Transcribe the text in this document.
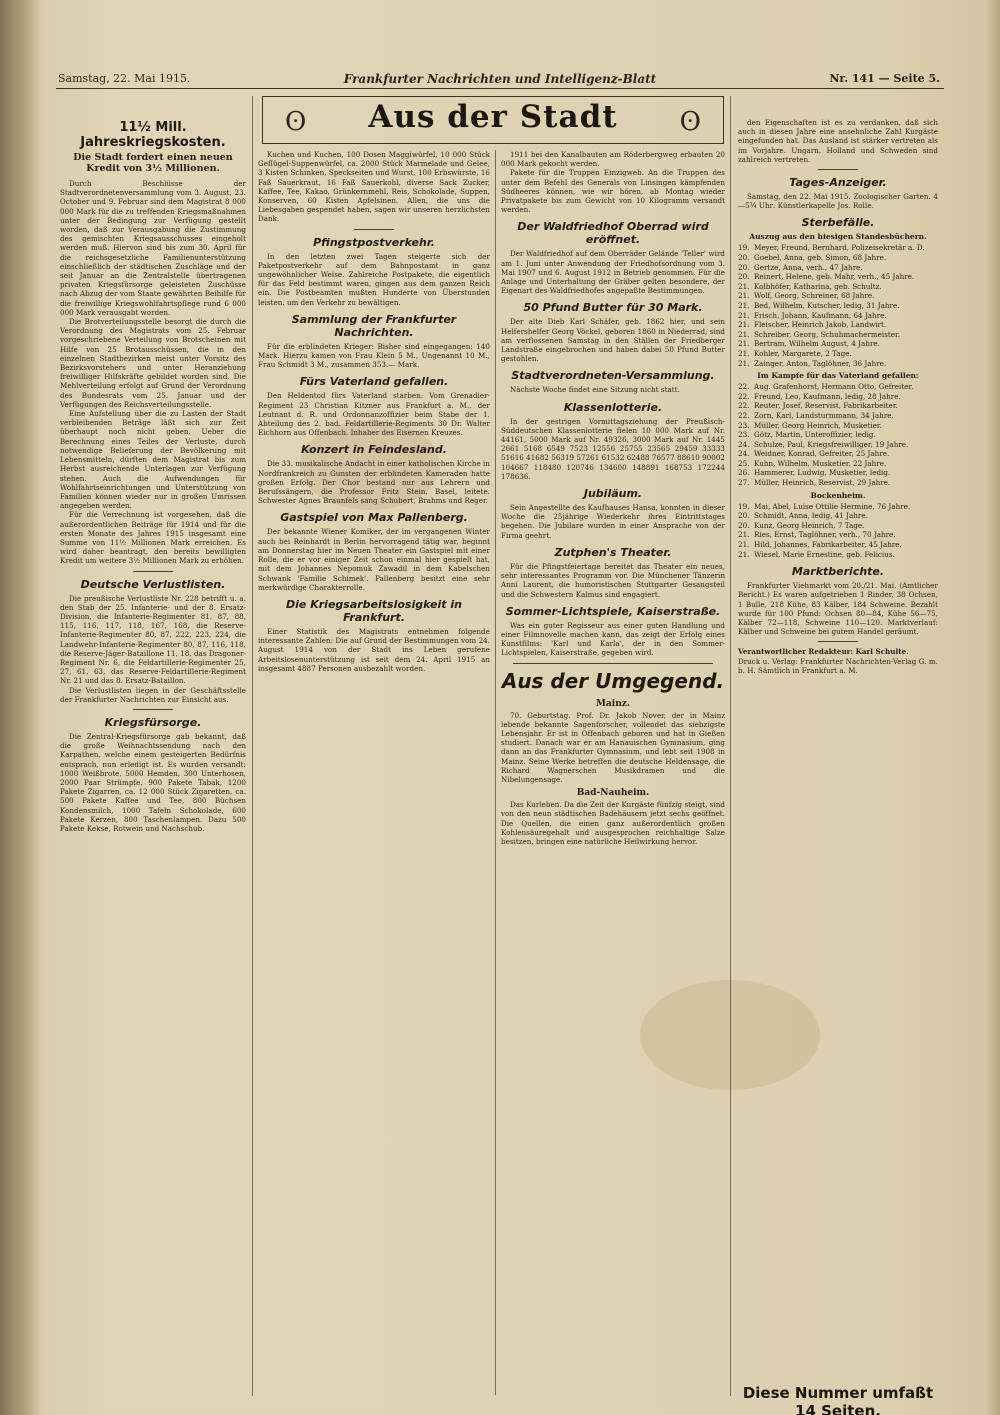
Samstag, 22. Mai 1915.	Frankfurter Nachrichten und Intelligenz-Blatt	Nr. 141 — Seite 5.
11½ Mill. Jahreskriegskosten.
Die Stadt fordert einen neuen Kredit von 3½ Millionen.

Durch Beschlüsse der Stadtverordnetenversammlung vom 3. August, 23. October und 9. Februar sind dem Magistrat 8 000 000 Mark für die zu treffenden Kriegsmaßnahmen unter der Bedingung zur Verfügung gestellt worden, daß zur Verausgabung die Zustimmung des gemischten Kriegsausschusses eingeholt werden muß. Hiervon sind bis zum 30. April für die reichsgesetzliche Familienunterstützung einschließlich der städtischen Zuschläge und der seit Januar an die Zentralstelle übertragenen privaten Kriegsfürsorge geleisteten Zuschüsse nach Abzug der vom Staate gewährten Beihilfe für die freiwillige Kriegswohlfahrtspflege rund 6 000 000 Mark verausgabt worden.

Die Brotverteilungsstelle besorgt die durch die Verordnung des Magistrats vom 25. Februar vorgeschriebene Verteilung von Brotscheinen mit Hilfe von 25 Brotausschüssen, die in den einzelnen Stadtbezirken meist unter Vorsitz des Bezirksvorstehers und unter Heranziehung freiwilliger Hilfskräfte gebildet worden sind. Die Mehlverteilung erfolgt auf Grund der Verordnung des Bundesrats vom 25. Januar und der Verfügungen des Reichsverteilungsstelle.

Eine Aufstellung über die zu Lasten der Stadt verbleibenden Beträge läßt sich zur Zeit überhaupt noch nicht geben. Ueber die Berechnung eines Teiles der Verluste, durch notwendige Belieferung der Bevölkerung mit Lebensmitteln, dürften dem Magistrat bis zum Herbst ausreichende Unterlagen zur Verfügung stehen. Auch die Aufwendungen für Wohlfahrtseinrichtungen und Unterstützung von Familien können wieder nur in großen Umrissen angegeben werden.

Für die Verrechnung ist vorgesehen, daß die außerordentlichen Beiträge für 1914 und für die ersten Monate des Jahres 1915 insgesamt eine Summe von 11½ Millionen Mark erreichen. Es wird daher beantragt, den bereits bewilligten Kredit um weitere 3½ Millionen Mark zu erhöhen.

Deutsche Verlustlisten.

Die preußische Verlustliste Nr. 228 betrifft u. a. den Stab der 25. Infanterie- und der 8. Ersatz-Division, die Infanterie-Regimenter 81, 87, 88, 115, 116, 117, 118, 167, 168, die Reserve-Infanterie-Regimenter 80, 87, 222, 223, 224, die Landwehr-Infanterie-Regimenter 80, 87, 116, 118, die Reserve-Jäger-Bataillone 11, 18, das Dragoner-Regiment Nr. 6, die Feldartillerie-Regimenter 25, 27, 61, 63, das Reserve-Feldartillerie-Regiment Nr. 21 und das 8. Ersatz-Bataillon.

Die Verlustlisten liegen in der Geschäftsstelle der Frankfurter Nachrichten zur Einsicht aus.

Kriegsfürsorge.

Die Zentral-Kriegsfürsorge gab bekannt, daß die große Weihnachtssendung nach den Karpathen, welche einem gesteigerten Bedürfnis entsprach, nun erledigt ist. Es wurden versandt: 1000 Weißbrote, 5000 Hemden, 300 Unterhosen, 2000 Paar Strümpfe, 900 Pakete Tabak, 1200 Pakete Zigarren, ca. 12 000 Stück Zigaretten, ca. 500 Pakete Kaffee und Tee, 800 Büchsen Kondensmilch, 1000 Tafeln Schokolade, 600 Pakete Kerzen, 800 Taschenlampen. Dazu 500 Pakete Kekse, Rotwein und Nachschub.

ʘ	Aus der Stadt	ʘ

Kuchen und Kuchen, 100 Dosen Maggiwürfel, 10 000 Stück Geflügel-Suppenwürfel, ca. 2000 Stück Marmelade und Gelee, 3 Kisten Schinken, Speckseiten und Wurst, 100 Erbswürste, 16 Faß Sauerkraut, 16 Faß Sauerkohl, diverse Sack Zucker, Kaffee, Tee, Kakao, Grünkernmehl, Reis, Schokolade, Suppen, Konserven, 60 Kisten Apfelsinen. Allen, die uns die Liebesgaben gespendet haben, sagen wir unseren herzlichsten Dank.

Pfingstpostverkehr.

In den letzten zwei Tagen steigerte sich der Paketpostverkehr auf dem Bahnpostamt in ganz ungewöhnlicher Weise. Zahlreiche Postpakete, die eigentlich für das Feld bestimmt waren, gingen aus dem ganzen Reich ein. Die Postbeamten mußten Hunderte von Überstunden leisten, um den Verkehr zu bewältigen.

Sammlung der Frankfurter Nachrichten.

Für die erblindeten Krieger: Bisher sind eingegangen: 140 Mark. Hierzu kamen von Frau Klein 5 M., Ungenannt 10 M., Frau Schmidt 3 M., zusammen 353.— Mark.

Fürs Vaterland gefallen.

Den Heldentod fürs Vaterland starben: Vom Grenadier-Regiment 23 Christian Kitzner aus Frankfurt a. M., der Leutnant d. R. und Ordonnanzoffizier beim Stabe der 1. Abteilung des 2. bad. Feldartillerie-Regiments 30 Dr. Walter Eichhorn aus Offenbach. Inhaber des Eisernen Kreuzes.

Konzert in Feindesland.

Die 33. musikalische Andacht in einer katholischen Kirche in Nordfrankreich zu Gunsten der erblindeten Kameraden hatte großen Erfolg. Der Chor bestand nur aus Lehrern und Berufssängern, die Professor Fritz Stein, Basel, leitete. Schwester Agnes Braunfels sang Schubert, Brahms und Reger.

Gastspiel von Max Pallenberg.

Der bekannte Wiener Komiker, der im vergangenen Winter auch bei Reinhardt in Berlin hervorragend tätig war, beginnt am Donnerstag hier im Neuen Theater ein Gastspiel mit einer Rolle, die er vor einiger Zeit schon einmal hier gespielt hat, mit dem Johannes Nepomuk Zawadil in dem Kabelschen Schwank 'Familie Schimek'. Pallenberg besitzt eine sehr merkwürdige Charakterrolle.

Die Kriegsarbeitslosigkeit in Frankfurt.

Einer Statistik des Magistrats entnehmen folgende interessante Zahlen: Die auf Grund der Bestimmungen vom 24. August 1914 von der Stadt ins Leben gerufene Arbeitslosenunterstützung ist seit dem 24. April 1915 an insgesamt 4887 Personen ausbezahlt worden.

1911 bei den Kanalbauten am Röderbergweg erbauten 20 000 Mark gekocht werden.

Pakete für die Truppen Einzigweb. An die Truppen des unter dem Befehl des Generals von Linsingen kämpfenden Südheeres können, wie wir hören, ab Montag wieder Privatpakete bis zum Gewicht von 10 Kilogramm versandt werden.

Der Waldfriedhof Oberrad wird eröffnet.

Der Waldfriedhof auf dem Oberräder Gelände 'Teller' wird am 1. Juni unter Anwendung der Friedhofsordnung vom 3. Mai 1907 und 6. August 1912 in Betrieb genommen. Für die Anlage und Unterhaltung der Gräber gelten besondere, der Eigenart des Waldfriedhofes angepaßte Bestimmungen.

50 Pfund Butter für 30 Mark.

Der alte Dieb Karl Schäfer, geb. 1862 hier, und sein Helfershelfer Georg Vöckel, geboren 1860 in Niederrad, sind am verflossenen Samstag in den Ställen der Friedberger Landstraße eingebrochen und haben dabei 50 Pfund Butter gestohlen.

Stadtverordneten-Versammlung.

Nächste Woche findet eine Sitzung nicht statt.

Klassenlotterie.

In der gestrigen Vormittagsziehung der Preußisch-Süddeutschen Klassenlotterie fielen 10 000 Mark auf Nr. 44161, 5000 Mark auf Nr. 49326, 3000 Mark auf Nr. 1445 2661 5168 6549 7523 12556 25755 23565 29459 33333 51616 41682 56319 57261 61532 62488 76577 88610 90002 104667 118480 120746 134600 148891 168753 172244 178636.

Jubiläum.

Sein Angestellte des Kaufhauses Hansa, konnten in dieser Woche die 25jährige Wiederkehr ihres Eintrittstages begehen. Die Jubilare wurden in einer Ansprache von der Firma geehrt.

Zutphen's Theater.

Für die Pfingstfeiertage bereitet das Theater ein neues, sehr interessantes Programm vor. Die Münchener Tänzerin Anni Laurent, die humoristischen Stuttgarter Gesangsteil und die Schwestern Kalmus sind engagiert.

Sommer-Lichtspiele, Kaiserstraße.

Was ein guter Regisseur aus einer guten Handlung und einer Filmnovelle machen kann, das zeigt der Erfolg eines Kunstfilms: 'Karl und Karla', der in den Sommer-Lichtspielen, Kaiserstraße, gegeben wird.

Aus der Umgegend.
Mainz.

70. Geburtstag. Prof. Dr. Jakob Nover, der in Mainz lebende bekannte Sagenforscher, vollendet das siebzigste Lebensjahr. Er ist in Offenbach geboren und hat in Gießen studiert. Danach war er am Hanauischen Gymnasium, ging dann an das Frankfurter Gymnasium, und lebt seit 1908 in Mainz. Seine Werke betreffen die deutsche Heldensage, die Richard Wagnerschen Musikdramen und die Nibelungensage.

Bad-Nauheim.

Das Kurleben. Da die Zeit der Kurgäste fünfzig steigt, sind von den neun städtischen Badehäusern jetzt sechs geöffnet. Die Quellen, die einen ganz außerordentlich großen Kohlensäuregehalt und ausgesprochen reichhaltige Salze besitzen, bringen eine natürliche Heilwirkung hervor.

den Eigenschaften ist es zu verdanken, daß sich auch in diesen Jahre eine ansehnliche Zahl Kurgäste eingefunden hat. Das Ausland ist stärker vertreten als im Vorjahre. Ungarn, Holland und Schweden sind zahlreich vertreten.

Tages-Anzeiger.

Samstag, den 22. Mai 1915. Zoologischer Garten. 4—5¾ Uhr: Künstlerkapelle Jos. Rolle.

Sterbefälle.
Auszug aus den hiesigen Standesbüchern.
19. Meyer, Freund, Bernhard, Polizeisekretär a. D.
20. Goebel, Anna, geb. Simon, 68 Jahre.
20. Gertze, Anna, verh., 47 Jahre.
20. Reinert, Helene, geb. Mahr, verh., 45 Jahre.
21. Kolbhöfer, Katharina, geb. Schultz.
21. Wolf, Georg, Schreiner, 68 Jahre.
21. Bed, Wilhelm, Kutscher, ledig, 31 Jahre.
21. Frisch, Johann, Kaufmann, 64 Jahre.
21. Fleischer, Heinrich Jakob, Landwirt.
21. Schreiber, Georg, Schuhmachermeister.
21. Bertram, Wilhelm August, 4 Jahre.
21. Kohler, Margarete, 2 Tage.
21. Zainger, Anton, Taglöhner, 36 Jahre.
Im Kampfe für das Vaterland gefallen:
22. Aug. Grafenhorst, Hermann Otto, Gefreiter.
22. Freund, Leo, Kaufmann, ledig, 28 Jahre.
22. Reuter, Josef, Reservist, Fabrikarbeiter.
22. Zorn, Karl, Landsturmmann, 34 Jahre.
23. Müller, Georg Heinrich, Musketier.
23. Götz, Martin, Unteroffizier, ledig.
24. Schulze, Paul, Kriegsfreiwilliger, 19 Jahre.
24. Weidner, Konrad, Gefreiter, 25 Jahre.
25. Kuhn, Wilhelm, Musketier, 22 Jahre.
26. Hammerer, Ludwig, Musketier, ledig.
27. Müller, Heinrich, Reservist, 29 Jahre.
Bockenheim.
19. Mai, Abel, Luise Ottilie Hermine, 76 Jahre.
20. Schmidt, Anna, ledig, 41 Jahre.
20. Kunz, Georg Heinrich, 7 Tage.
21. Ries, Ernst, Taglöhner, verh., 70 Jahre.
21. Hild, Johannes, Fabrikarbeiter, 45 Jahre.
21. Wiesel, Marie Ernestine, geb. Felicius.
Marktberichte.

Frankfurter Viehmarkt vom 20./21. Mai. (Amtlicher Bericht.) Es waren aufgetrieben 1 Rinder, 38 Ochsen, 1 Bulle, 218 Kühe, 83 Kälber, 184 Schweine. Bezahlt wurde für 100 Pfund: Ochsen 80—84, Kühe 56—75, Kälber 72—118, Schweine 110—120. Marktverlauf: Kälber und Schweine bei gutem Handel geräumt.

Verantwortlicher Redakteur: Karl Schulte.

Druck u. Verlag: Frankfurter Nachrichten-Verlag G. m. b. H. Sämtlich in Frankfurt a. M.

Diese Nummer umfaßt 14 Seiten.
